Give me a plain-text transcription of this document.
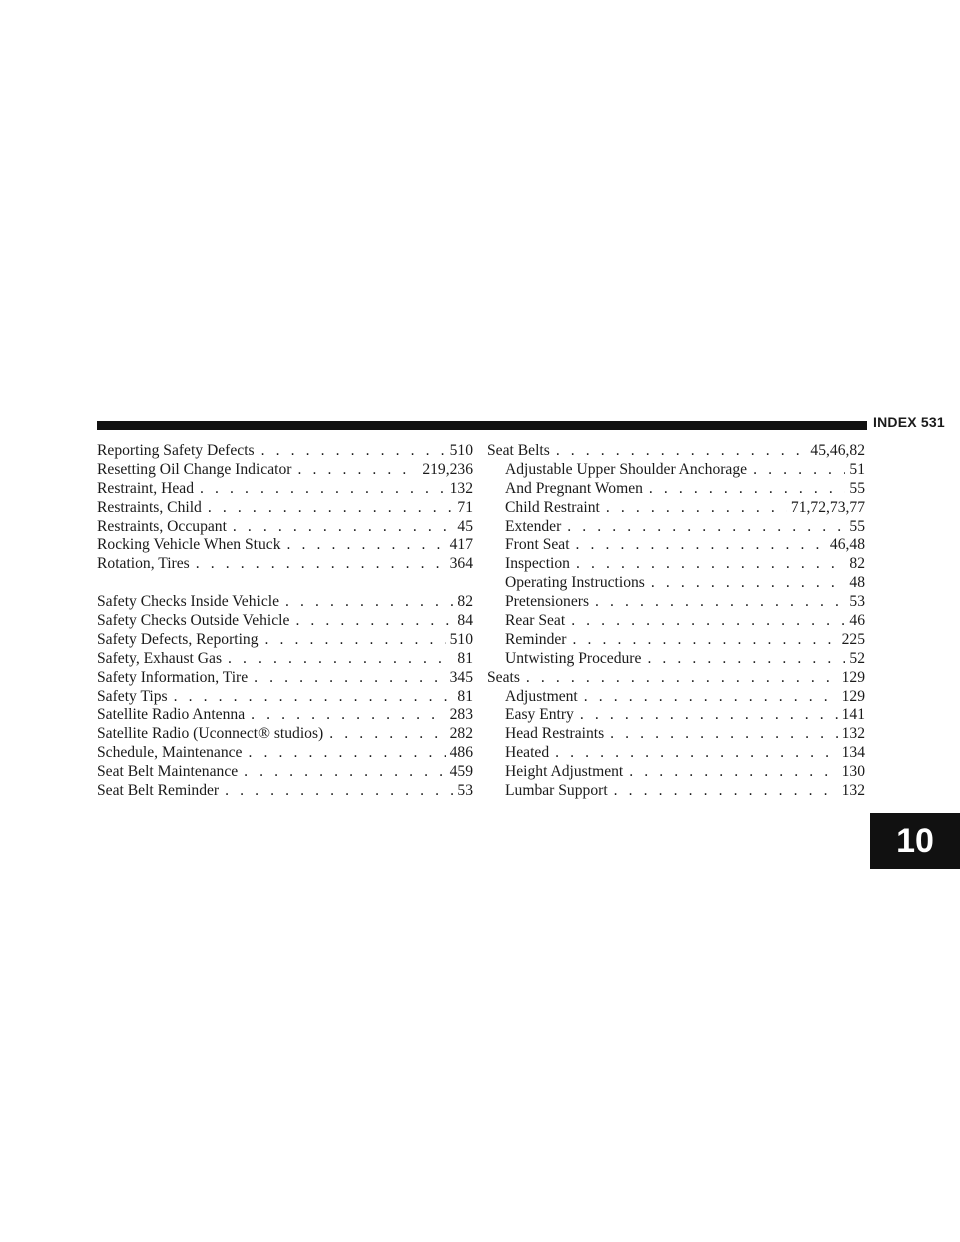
INDEX 531
Reporting Safety Defects . . .	510
Resetting Oil Change Indicator . . .	219,236
Restraint, Head . . .	132
Restraints, Child . . .	71
Restraints, Occupant . . .	45
Rocking Vehicle When Stuck . . .	417
Rotation, Tires . . .	364
Safety Checks Inside Vehicle . . .	82
Safety Checks Outside Vehicle . . .	84
Safety Defects, Reporting . . .	510
Safety, Exhaust Gas . . .	81
Safety Information, Tire . . .	345
Safety Tips . . .	81
Satellite Radio Antenna . . .	283
Satellite Radio (Uconnect® studios) . . .	282
Schedule, Maintenance . . .	486
Seat Belt Maintenance . . .	459
Seat Belt Reminder . . .	53
Seat Belts . . .	45,46,82
Adjustable Upper Shoulder Anchorage . . .	51
And Pregnant Women . . .	55
Child Restraint . . .	71,72,73,77
Extender . . .	55
Front Seat . . .	46,48
Inspection . . .	82
Operating Instructions . . .	48
Pretensioners . . .	53
Rear Seat . . .	46
Reminder . . .	225
Untwisting Procedure . . .	52
Seats . . .	129
Adjustment . . .	129
Easy Entry . . .	141
Head Restraints . . .	132
Heated . . .	134
Height Adjustment . . .	130
Lumbar Support . . .	132
10
